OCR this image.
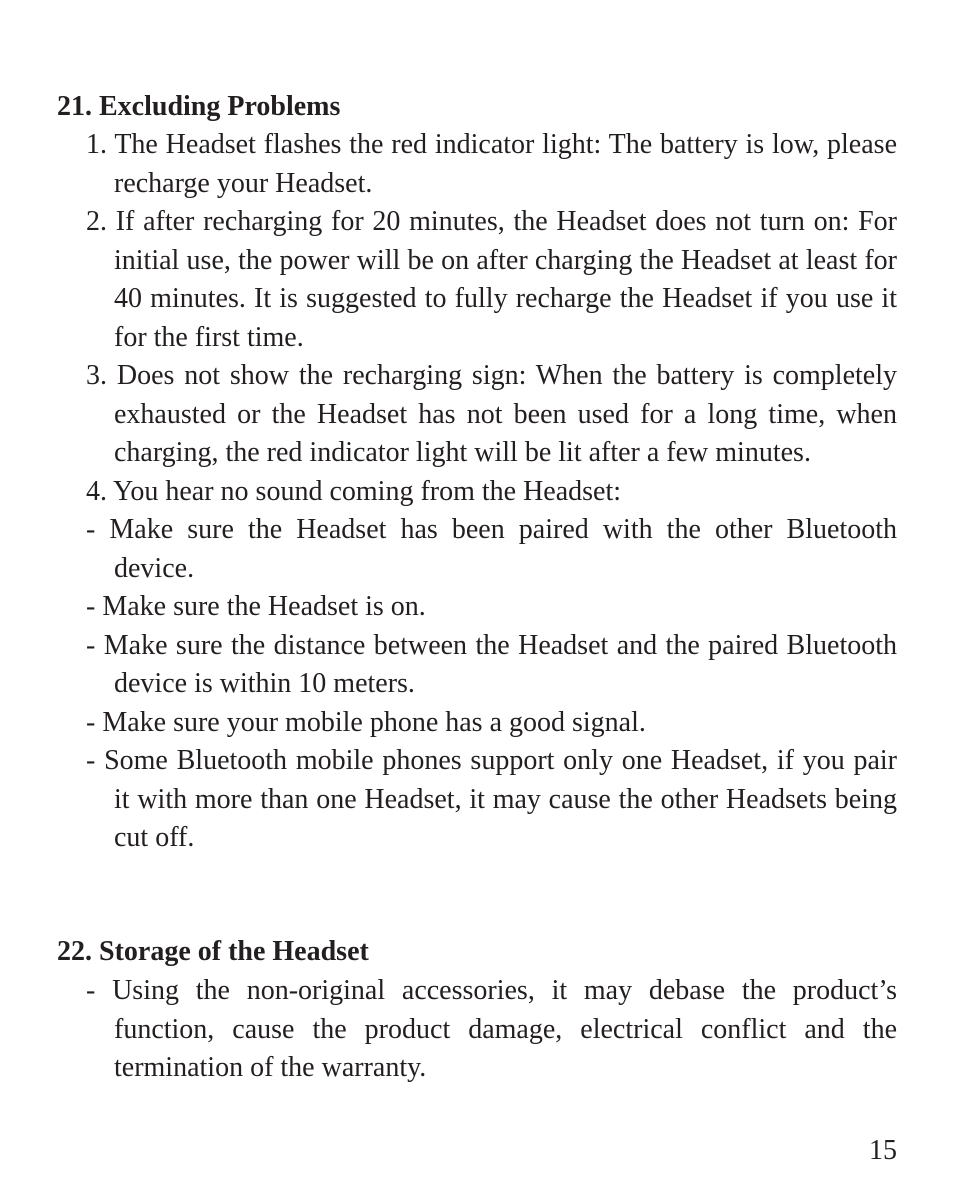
21. Excluding Problems

1. The Headset flashes the red indicator light: The battery is low, please recharge your Headset.

2. If after recharging for 20 minutes, the Headset does not turn on: For initial use, the power will be on after charging the Headset at least for 40 minutes. It is suggested to fully recharge the Headset if you use it for the first time.

3. Does not show the recharging sign: When the battery is completely exhausted or the Headset has not been used for a long time, when charging, the red indicator light will be lit after a few minutes.

4. You hear no sound coming from the Headset:

- Make sure the Headset has been paired with the other Bluetooth device.

- Make sure the Headset is on.

- Make sure the distance between the Headset and the paired Bluetooth device is within 10 meters.

- Make sure your mobile phone has a good signal.

- Some Bluetooth mobile phones support only one Headset, if you pair it with more than one Headset, it may cause the other Headsets being cut off.

22. Storage of the Headset

- Using the non-original accessories, it may debase the product’s function, cause the product damage, electrical conflict and the termination of the warranty.

15
